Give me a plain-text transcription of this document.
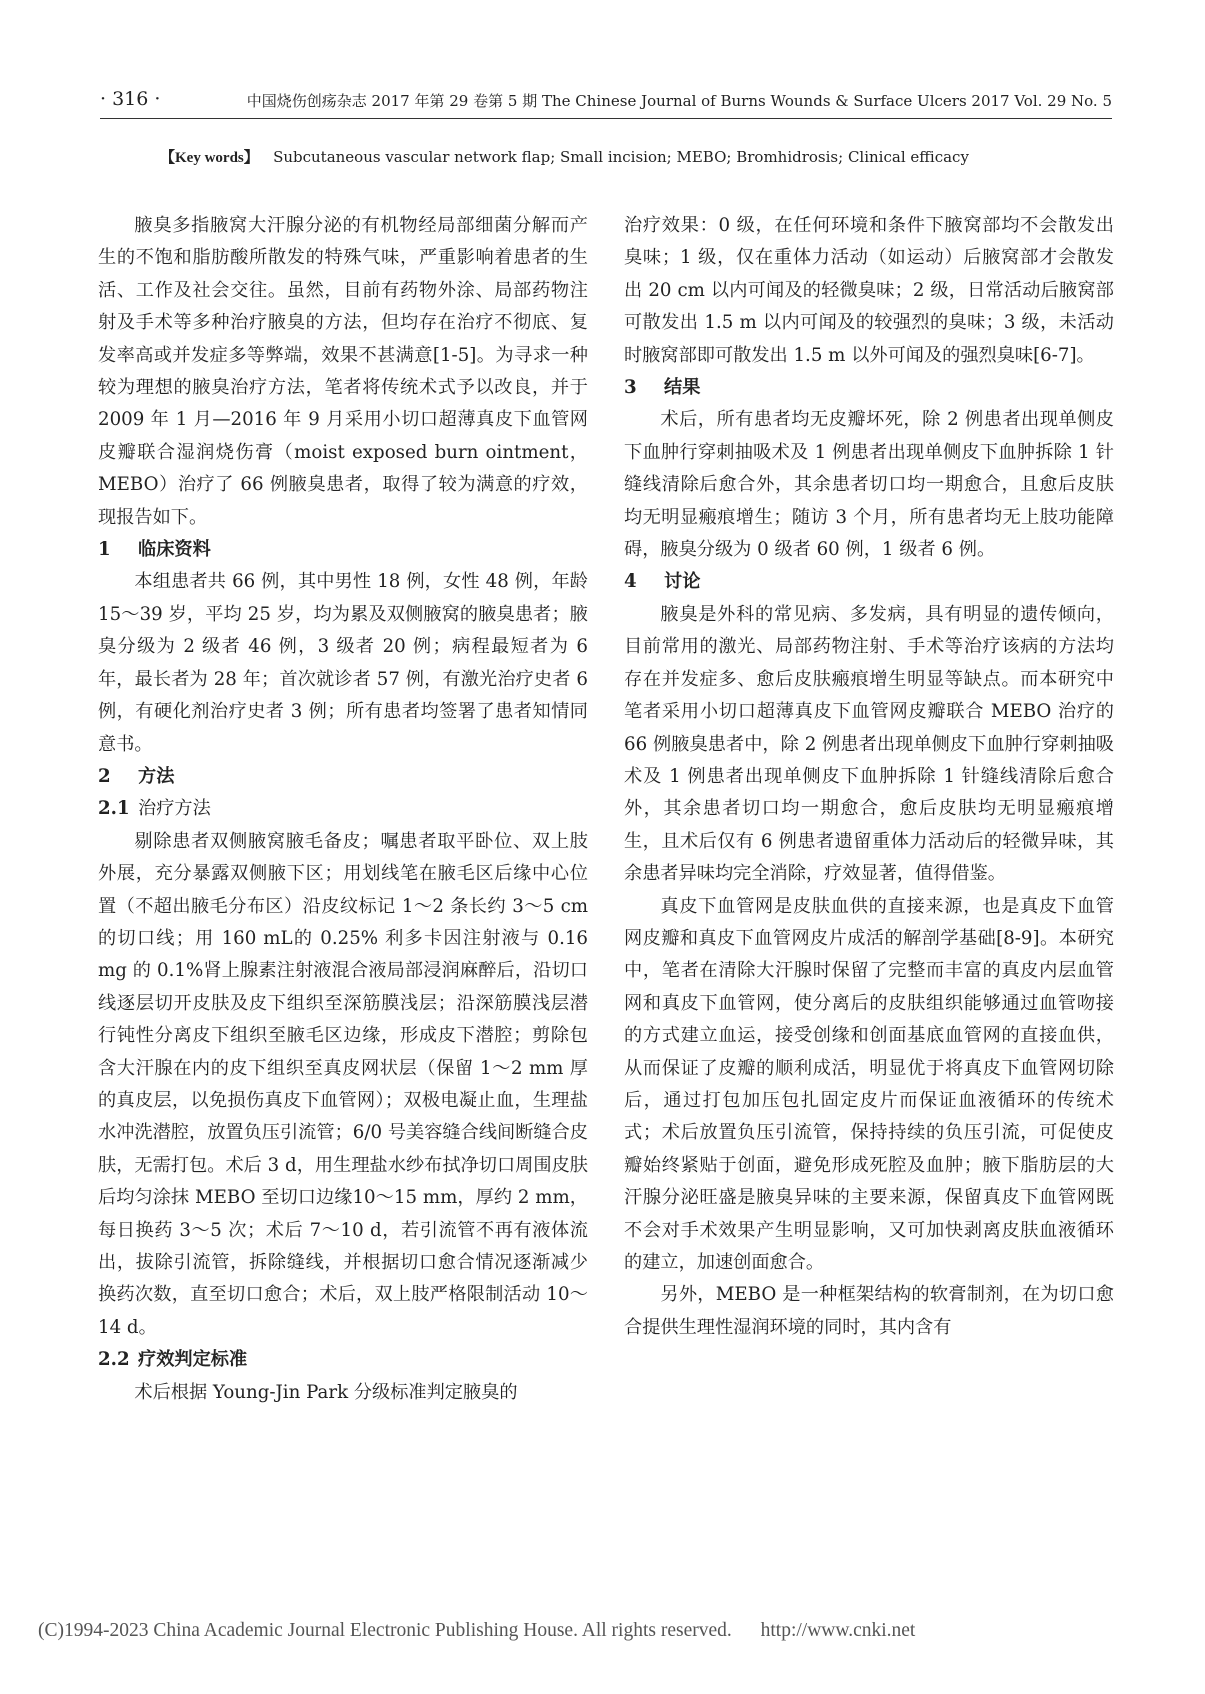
· 316 ·	中国烧伤创疡杂志 2017 年第 29 卷第 5 期 The Chinese Journal of Burns Wounds & Surface Ulcers 2017 Vol. 29 No. 5
【Key words】 Subcutaneous vascular network flap; Small incision; MEBO; Bromhidrosis; Clinical efficacy

腋臭多指腋窝大汗腺分泌的有机物经局部细菌分解而产生的不饱和脂肪酸所散发的特殊气味，严重影响着患者的生活、工作及社会交往。虽然，目前有药物外涂、局部药物注射及手术等多种治疗腋臭的方法，但均存在治疗不彻底、复发率高或并发症多等弊端，效果不甚满意[1-5]。为寻求一种较为理想的腋臭治疗方法，笔者将传统术式予以改良，并于 2009 年 1 月—2016 年 9 月采用小切口超薄真皮下血管网皮瓣联合湿润烧伤膏（moist exposed burn ointment，MEBO）治疗了 66 例腋臭患者，取得了较为满意的疗效，现报告如下。

1 临床资料

本组患者共 66 例，其中男性 18 例，女性 48 例，年龄 15～39 岁，平均 25 岁，均为累及双侧腋窝的腋臭患者；腋臭分级为 2 级者 46 例，3 级者 20 例；病程最短者为 6 年，最长者为 28 年；首次就诊者 57 例，有激光治疗史者 6 例，有硬化剂治疗史者 3 例；所有患者均签署了患者知情同意书。

2 方法
2.1 治疗方法

剔除患者双侧腋窝腋毛备皮；嘱患者取平卧位、双上肢外展，充分暴露双侧腋下区；用划线笔在腋毛区后缘中心位置（不超出腋毛分布区）沿皮纹标记 1～2 条长约 3～5 cm 的切口线；用 160 mL的 0.25% 利多卡因注射液与 0.16 mg 的 0.1%肾上腺素注射液混合液局部浸润麻醉后，沿切口线逐层切开皮肤及皮下组织至深筋膜浅层；沿深筋膜浅层潜行钝性分离皮下组织至腋毛区边缘，形成皮下潜腔；剪除包含大汗腺在内的皮下组织至真皮网状层（保留 1～2 mm 厚的真皮层，以免损伤真皮下血管网）；双极电凝止血，生理盐水冲洗潜腔，放置负压引流管；6/0 号美容缝合线间断缝合皮肤，无需打包。术后 3 d，用生理盐水纱布拭净切口周围皮肤后均匀涂抹 MEBO 至切口边缘10～15 mm，厚约 2 mm，每日换药 3～5 次；术后 7～10 d，若引流管不再有液体流出，拔除引流管，拆除缝线，并根据切口愈合情况逐渐减少换药次数，直至切口愈合；术后，双上肢严格限制活动 10～14 d。

2.2 疗效判定标准

术后根据 Young-Jin Park 分级标准判定腋臭的

治疗效果：0 级，在任何环境和条件下腋窝部均不会散发出臭味；1 级，仅在重体力活动（如运动）后腋窝部才会散发出 20 cm 以内可闻及的轻微臭味；2 级，日常活动后腋窝部可散发出 1.5 m 以内可闻及的较强烈的臭味；3 级，未活动时腋窝部即可散发出 1.5 m 以外可闻及的强烈臭味[6-7]。

3 结果

术后，所有患者均无皮瓣坏死，除 2 例患者出现单侧皮下血肿行穿刺抽吸术及 1 例患者出现单侧皮下血肿拆除 1 针缝线清除后愈合外，其余患者切口均一期愈合，且愈后皮肤均无明显瘢痕增生；随访 3 个月，所有患者均无上肢功能障碍，腋臭分级为 0 级者 60 例，1 级者 6 例。

4 讨论

腋臭是外科的常见病、多发病，具有明显的遗传倾向，目前常用的激光、局部药物注射、手术等治疗该病的方法均存在并发症多、愈后皮肤瘢痕增生明显等缺点。而本研究中笔者采用小切口超薄真皮下血管网皮瓣联合 MEBO 治疗的 66 例腋臭患者中，除 2 例患者出现单侧皮下血肿行穿刺抽吸术及 1 例患者出现单侧皮下血肿拆除 1 针缝线清除后愈合外，其余患者切口均一期愈合，愈后皮肤均无明显瘢痕增生，且术后仅有 6 例患者遗留重体力活动后的轻微异味，其余患者异味均完全消除，疗效显著，值得借鉴。

真皮下血管网是皮肤血供的直接来源，也是真皮下血管网皮瓣和真皮下血管网皮片成活的解剖学基础[8-9]。本研究中，笔者在清除大汗腺时保留了完整而丰富的真皮内层血管网和真皮下血管网，使分离后的皮肤组织能够通过血管吻接的方式建立血运，接受创缘和创面基底血管网的直接血供，从而保证了皮瓣的顺利成活，明显优于将真皮下血管网切除后，通过打包加压包扎固定皮片而保证血液循环的传统术式；术后放置负压引流管，保持持续的负压引流，可促使皮瓣始终紧贴于创面，避免形成死腔及血肿；腋下脂肪层的大汗腺分泌旺盛是腋臭异味的主要来源，保留真皮下血管网既不会对手术效果产生明显影响，又可加快剥离皮肤血液循环的建立，加速创面愈合。

另外，MEBO 是一种框架结构的软膏制剂，在为切口愈合提供生理性湿润环境的同时，其内含有

(C)1994-2023 China Academic Journal Electronic Publishing House. All rights reserved. http://www.cnki.net
